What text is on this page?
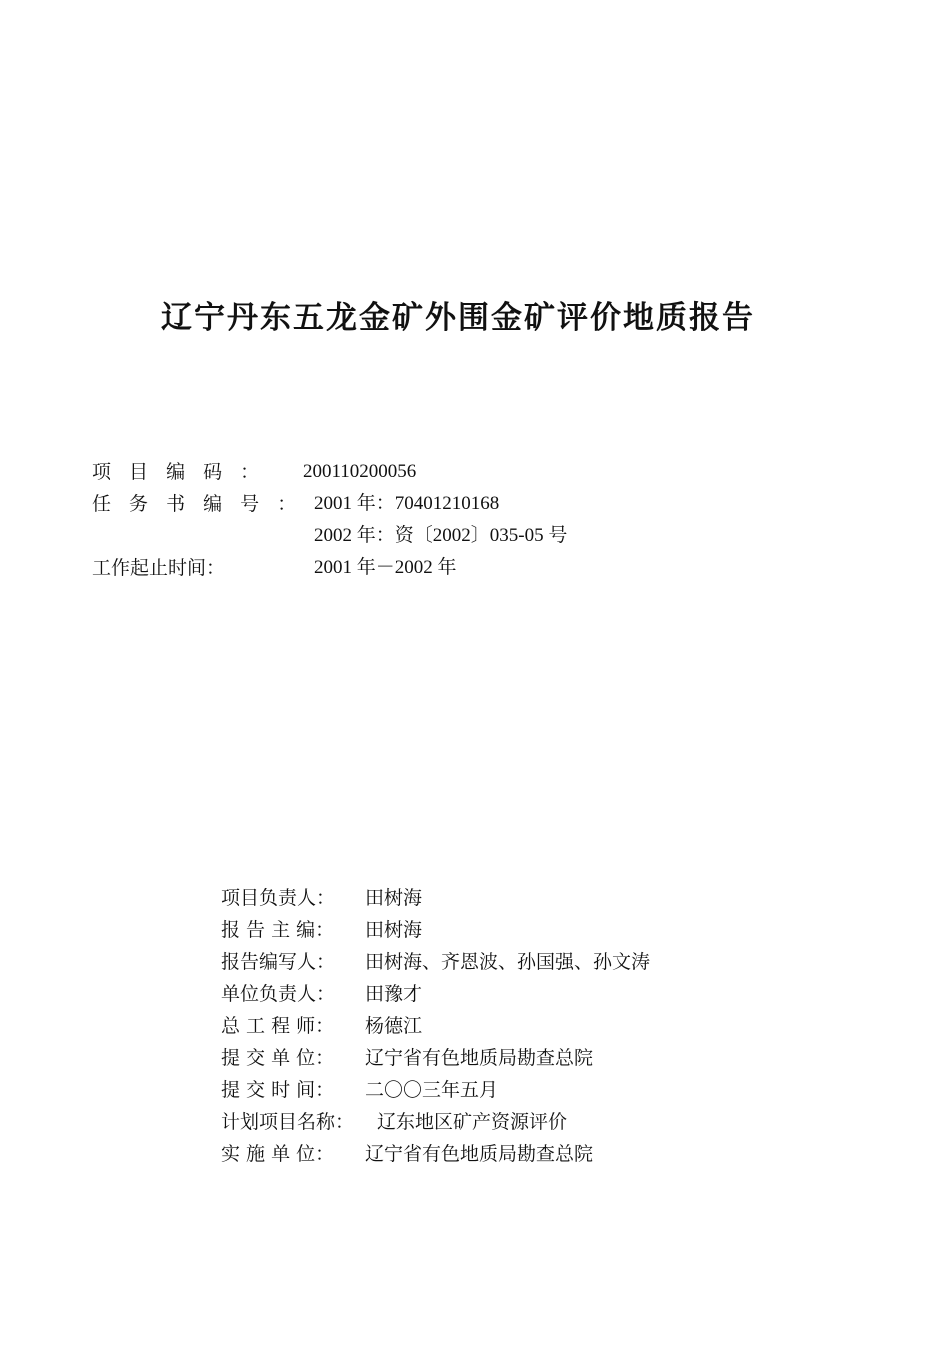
辽宁丹东五龙金矿外围金矿评价地质报告
项 目 编 码 ： 200110200056
任 务 书 编 号 ： 2001 年：70401210168
2002 年：资〔2002〕035-05 号
工作起止时间：	2001 年－2002 年
项目负责人： 田树海
报 告 主 编： 田树海
报告编写人： 田树海、齐恩波、孙国强、孙文涛
单位负责人： 田豫才
总 工 程 师： 杨德江
提 交 单 位： 辽宁省有色地质局勘查总院
提 交 时 间： 二〇〇三年五月
计划项目名称： 辽东地区矿产资源评价
实 施 单 位： 辽宁省有色地质局勘查总院
